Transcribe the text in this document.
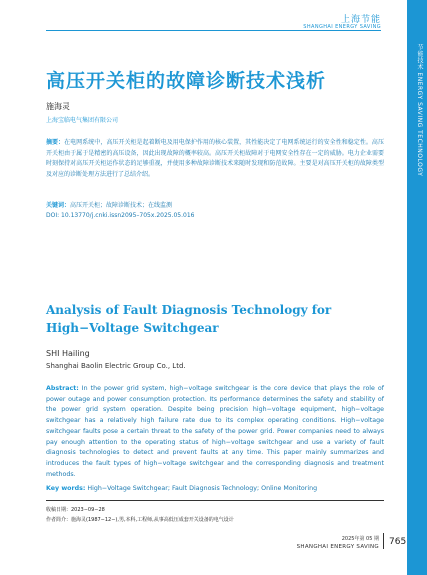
节能技术 ENERGY SAVING TECHNOLOGY
上海节能
SHANGHAI ENERGY SAVING
高压开关柜的故障诊断技术浅析
施海灵
上海宝临电气集团有限公司
摘要：在电网系统中，高压开关柜是起着断电及用电保护作用的核心装置，其性能决定了电网系统运行的安全性和稳定性。高压开关柜由于属于是精密的高压设备，因此出现故障的概率较高。高压开关柜故障对于电网安全性存在一定的威胁。电力企业需要时刻保持对高压开关柜运作状态的足够重视，并使用多种故障诊断技术来随时发现和防范故障。主要是对高压开关柜的故障类型及对应的诊断处理方法进行了总结介绍。
关键词：高压开关柜；故障诊断技术；在线监测
DOI: 10.13770/j.cnki.issn2095–705x.2025.05.016
Analysis of Fault Diagnosis Technology for High−Voltage Switchgear
SHI Hailing
Shanghai Baolin Electric Group Co., Ltd.
Abstract: In the power grid system, high−voltage switchgear is the core device that plays the role of power outage and power consumption protection. Its performance determines the safety and stability of the power grid system operation. Despite being precision high−voltage equipment, high−voltage switchgear has a relatively high failure rate due to its complex operating conditions. High−voltage switchgear faults pose a certain threat to the safety of the power grid. Power companies need to always pay enough attention to the operating status of high−voltage switchgear and use a variety of fault diagnosis technologies to detect and prevent faults at any time. This paper mainly summarizes and introduces the fault types of high−voltage switchgear and the corresponding diagnosis and treatment methods.
Key words: High−Voltage Switchgear; Fault Diagnosis Technology; Online Monitoring
收稿日期：2023−09−28
作者简介：施海灵(1987−12−),男,本科,工程师,从事高低压成套开关设备的电气设计
2025年第 05 期
SHANGHAI ENERGY SAVING 765
